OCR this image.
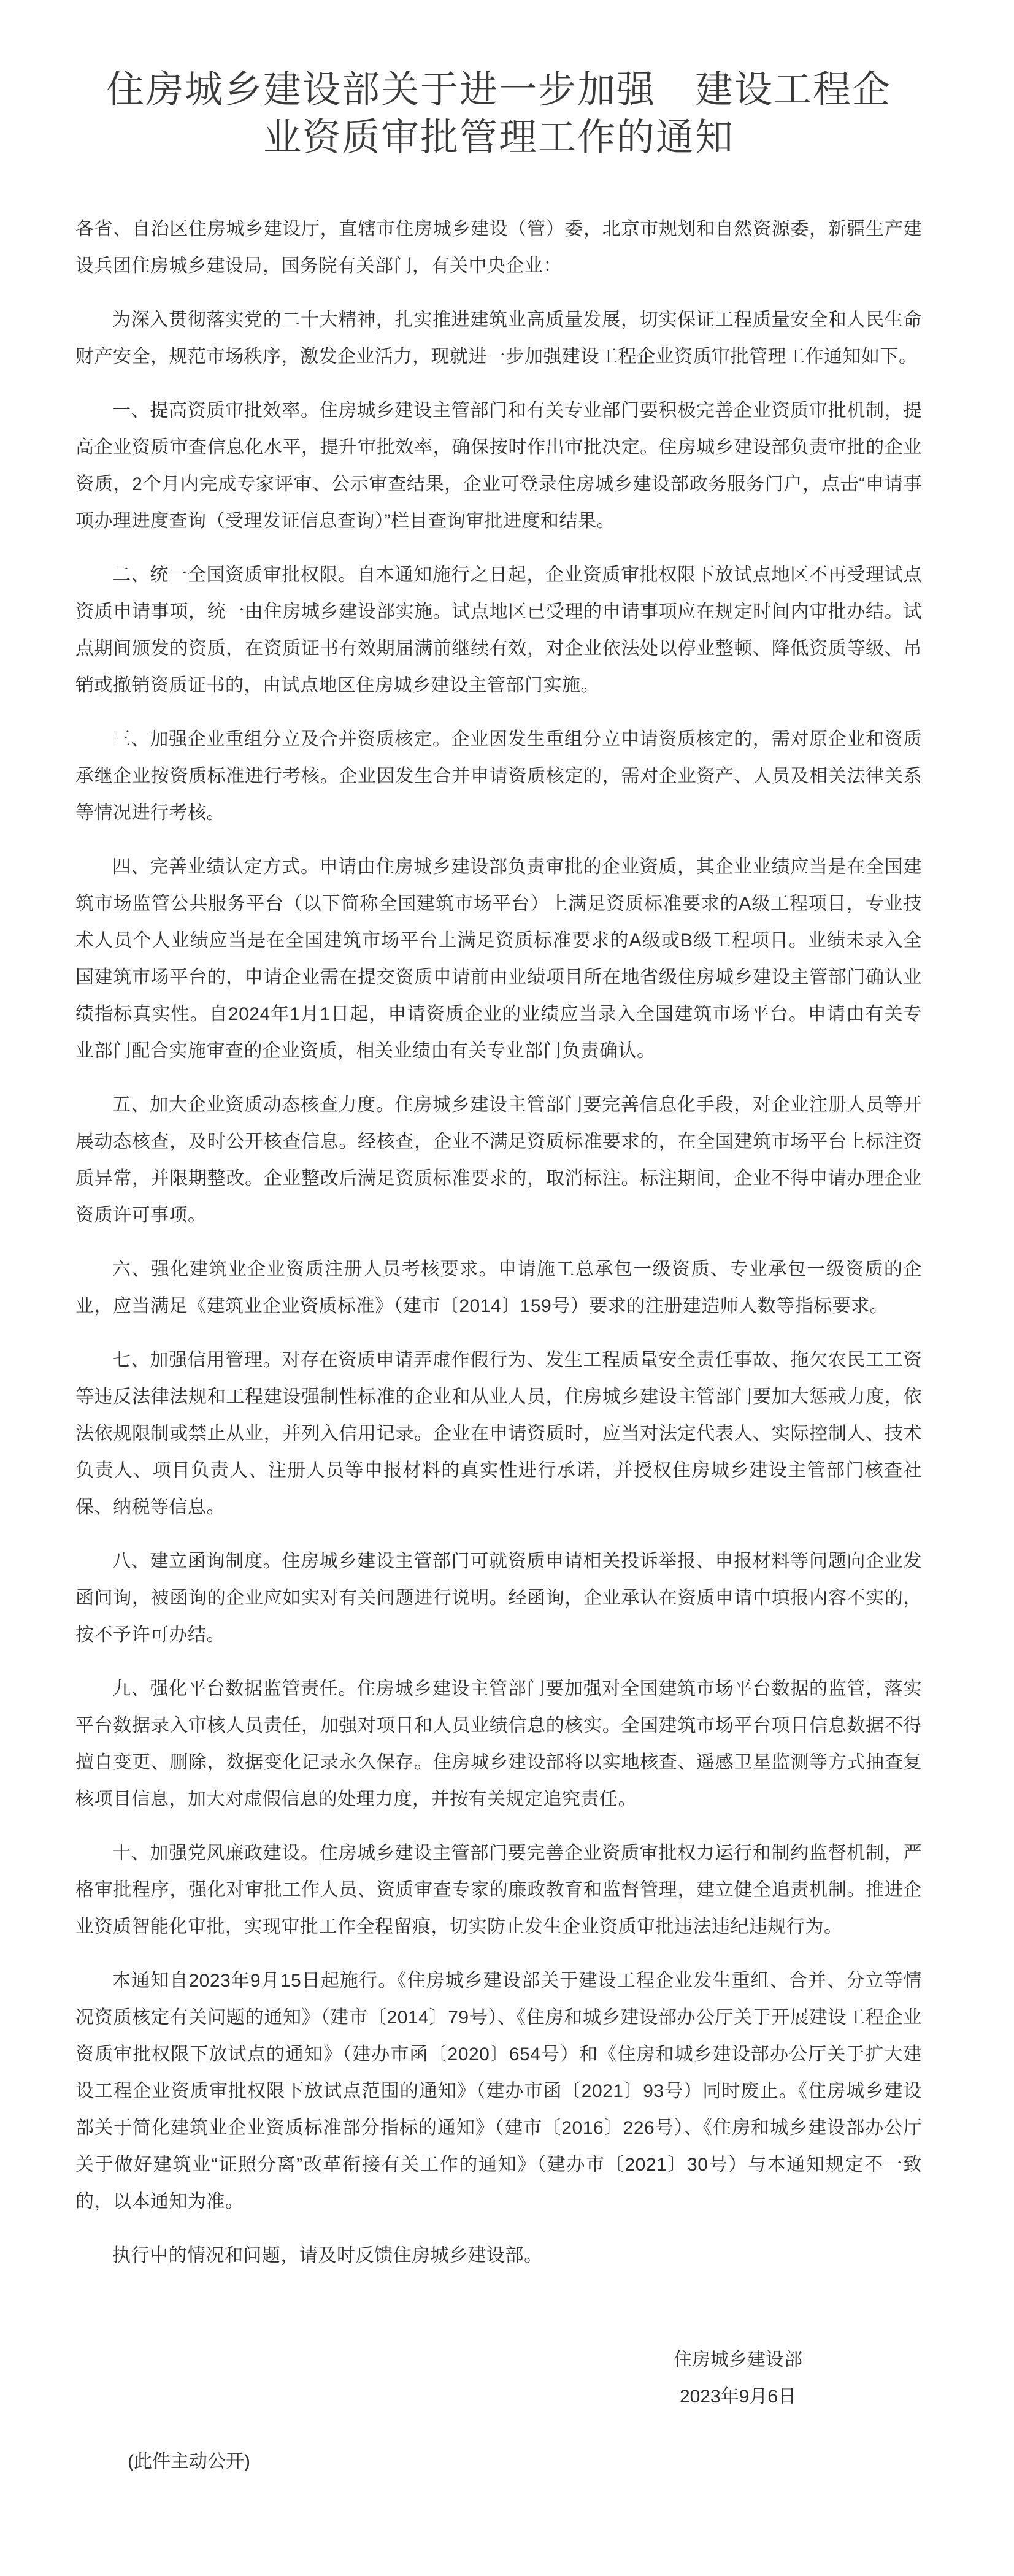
住房城乡建设部关于进一步加强　建设工程企业资质审批管理工作的通知

各省、自治区住房城乡建设厅，直辖市住房城乡建设（管）委，北京市规划和自然资源委，新疆生产建设兵团住房城乡建设局，国务院有关部门，有关中央企业：

为深入贯彻落实党的二十大精神，扎实推进建筑业高质量发展，切实保证工程质量安全和人民生命财产安全，规范市场秩序，激发企业活力，现就进一步加强建设工程企业资质审批管理工作通知如下。

一、提高资质审批效率。住房城乡建设主管部门和有关专业部门要积极完善企业资质审批机制，提高企业资质审查信息化水平，提升审批效率，确保按时作出审批决定。住房城乡建设部负责审批的企业资质，2个月内完成专家评审、公示审查结果，企业可登录住房城乡建设部政务服务门户，点击“申请事项办理进度查询（受理发证信息查询）”栏目查询审批进度和结果。

二、统一全国资质审批权限。自本通知施行之日起，企业资质审批权限下放试点地区不再受理试点资质申请事项，统一由住房城乡建设部实施。试点地区已受理的申请事项应在规定时间内审批办结。试点期间颁发的资质，在资质证书有效期届满前继续有效，对企业依法处以停业整顿、降低资质等级、吊销或撤销资质证书的，由试点地区住房城乡建设主管部门实施。

三、加强企业重组分立及合并资质核定。企业因发生重组分立申请资质核定的，需对原企业和资质承继企业按资质标准进行考核。企业因发生合并申请资质核定的，需对企业资产、人员及相关法律关系等情况进行考核。

四、完善业绩认定方式。申请由住房城乡建设部负责审批的企业资质，其企业业绩应当是在全国建筑市场监管公共服务平台（以下简称全国建筑市场平台）上满足资质标准要求的A级工程项目，专业技术人员个人业绩应当是在全国建筑市场平台上满足资质标准要求的A级或B级工程项目。业绩未录入全国建筑市场平台的，申请企业需在提交资质申请前由业绩项目所在地省级住房城乡建设主管部门确认业绩指标真实性。自2024年1月1日起，申请资质企业的业绩应当录入全国建筑市场平台。申请由有关专业部门配合实施审查的企业资质，相关业绩由有关专业部门负责确认。

五、加大企业资质动态核查力度。住房城乡建设主管部门要完善信息化手段，对企业注册人员等开展动态核查，及时公开核查信息。经核查，企业不满足资质标准要求的，在全国建筑市场平台上标注资质异常，并限期整改。企业整改后满足资质标准要求的，取消标注。标注期间，企业不得申请办理企业资质许可事项。

六、强化建筑业企业资质注册人员考核要求。申请施工总承包一级资质、专业承包一级资质的企业，应当满足《建筑业企业资质标准》（建市〔2014〕159号）要求的注册建造师人数等指标要求。

七、加强信用管理。对存在资质申请弄虚作假行为、发生工程质量安全责任事故、拖欠农民工工资等违反法律法规和工程建设强制性标准的企业和从业人员，住房城乡建设主管部门要加大惩戒力度，依法依规限制或禁止从业，并列入信用记录。企业在申请资质时，应当对法定代表人、实际控制人、技术负责人、项目负责人、注册人员等申报材料的真实性进行承诺，并授权住房城乡建设主管部门核查社保、纳税等信息。

八、建立函询制度。住房城乡建设主管部门可就资质申请相关投诉举报、申报材料等问题向企业发函问询，被函询的企业应如实对有关问题进行说明。经函询，企业承认在资质申请中填报内容不实的，按不予许可办结。

九、强化平台数据监管责任。住房城乡建设主管部门要加强对全国建筑市场平台数据的监管，落实平台数据录入审核人员责任，加强对项目和人员业绩信息的核实。全国建筑市场平台项目信息数据不得擅自变更、删除，数据变化记录永久保存。住房城乡建设部将以实地核查、遥感卫星监测等方式抽查复核项目信息，加大对虚假信息的处理力度，并按有关规定追究责任。

十、加强党风廉政建设。住房城乡建设主管部门要完善企业资质审批权力运行和制约监督机制，严格审批程序，强化对审批工作人员、资质审查专家的廉政教育和监督管理，建立健全追责机制。推进企业资质智能化审批，实现审批工作全程留痕，切实防止发生企业资质审批违法违纪违规行为。

本通知自2023年9月15日起施行。《住房城乡建设部关于建设工程企业发生重组、合并、分立等情况资质核定有关问题的通知》（建市〔2014〕79号）、《住房和城乡建设部办公厅关于开展建设工程企业资质审批权限下放试点的通知》（建办市函〔2020〕654号）和《住房和城乡建设部办公厅关于扩大建设工程企业资质审批权限下放试点范围的通知》（建办市函〔2021〕93号）同时废止。《住房城乡建设部关于简化建筑业企业资质标准部分指标的通知》（建市〔2016〕226号）、《住房和城乡建设部办公厅关于做好建筑业“证照分离”改革衔接有关工作的通知》（建办市〔2021〕30号）与本通知规定不一致的，以本通知为准。

执行中的情况和问题，请及时反馈住房城乡建设部。

住房城乡建设部
2023年9月6日
(此件主动公开)
